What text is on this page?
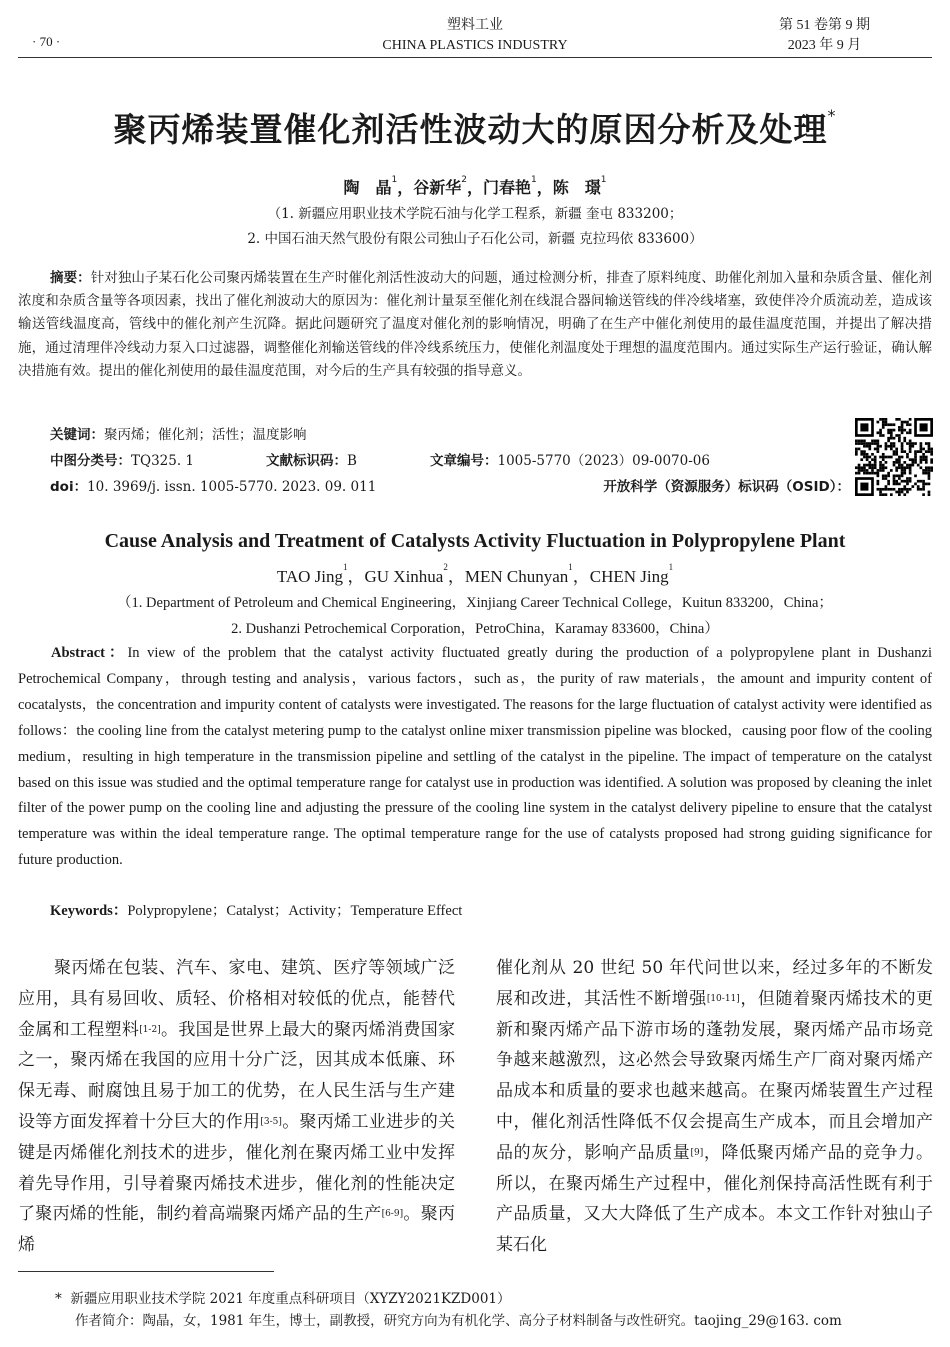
· 70 ·
塑料工业
CHINA PLASTICS INDUSTRY
第 51 卷第 9 期
2023 年 9 月
聚丙烯装置催化剂活性波动大的原因分析及处理*
陶　晶$^1$，谷新华$^2$，门春艳$^1$，陈　璟$^1$
（1. 新疆应用职业技术学院石油与化学工程系，新疆 奎屯 833200；
2. 中国石油天然气股份有限公司独山子石化公司，新疆 克拉玛依 833600）

摘要：针对独山子某石化公司聚丙烯装置在生产时催化剂活性波动大的问题，通过检测分析，排查了原料纯度、助催化剂加入量和杂质含量、催化剂浓度和杂质含量等各项因素，找出了催化剂波动大的原因为：催化剂计量泵至催化剂在线混合器间输送管线的伴冷线堵塞，致使伴冷介质流动差，造成该输送管线温度高，管线中的催化剂产生沉降。据此问题研究了温度对催化剂的影响情况，明确了在生产中催化剂使用的最佳温度范围，并提出了解决措施，通过清理伴冷线动力泵入口过滤器，调整催化剂输送管线的伴冷线系统压力，使催化剂温度处于理想的温度范围内。通过实际生产运行验证，确认解决措施有效。提出的催化剂使用的最佳温度范围，对今后的生产具有较强的指导意义。

关键词：聚丙烯；催化剂；活性；温度影响
中图分类号：TQ325. 1	文献标识码：B	文章编号：1005-5770（2023）09-0070-06
doi：10. 3969/j. issn. 1005-5770. 2023. 09. 011	开放科学（资源服务）标识码（OSID）：
Cause Analysis and Treatment of Catalysts Activity Fluctuation in Polypropylene Plant
TAO Jing$^1$，GU Xinhua$^2$，MEN Chunyan$^1$，CHEN Jing$^1$
（1. Department of Petroleum and Chemical Engineering，Xinjiang Career Technical College，Kuitun 833200，China；
2. Dushanzi Petrochemical Corporation，PetroChina，Karamay 833600，China）

Abstract：In view of the problem that the catalyst activity fluctuated greatly during the production of a polypropylene plant in Dushanzi Petrochemical Company，through testing and analysis，various factors，such as，the purity of raw materials，the amount and impurity content of cocatalysts，the concentration and impurity content of catalysts were investigated. The reasons for the large fluctuation of catalyst activity were identified as follows：the cooling line from the catalyst metering pump to the catalyst online mixer transmission pipeline was blocked，causing poor flow of the cooling medium，resulting in high temperature in the transmission pipeline and settling of the catalyst in the pipeline. The impact of temperature on the catalyst based on this issue was studied and the optimal temperature range for catalyst use in production was identified. A solution was proposed by cleaning the inlet filter of the power pump on the cooling line and adjusting the pressure of the cooling line system in the catalyst delivery pipeline to ensure that the catalyst temperature was within the ideal temperature range. The optimal temperature range for the use of catalysts proposed had strong guiding significance for future production.

Keywords：Polypropylene；Catalyst；Activity；Temperature Effect

聚丙烯在包装、汽车、家电、建筑、医疗等领域广泛应用，具有易回收、质轻、价格相对较低的优点，能替代金属和工程塑料[1-2]。我国是世界上最大的聚丙烯消费国家之一，聚丙烯在我国的应用十分广泛，因其成本低廉、环保无毒、耐腐蚀且易于加工的优势，在人民生活与生产建设等方面发挥着十分巨大的作用[3-5]。聚丙烯工业进步的关键是丙烯催化剂技术的进步，催化剂在聚丙烯工业中发挥着先导作用，引导着聚丙烯技术进步，催化剂的性能决定了聚丙烯的性能，制约着高端聚丙烯产品的生产[6-9]。聚丙烯

催化剂从 20 世纪 50 年代问世以来，经过多年的不断发展和改进，其活性不断增强[10-11]，但随着聚丙烯技术的更新和聚丙烯产品下游市场的蓬勃发展，聚丙烯产品市场竞争越来越激烈，这必然会导致聚丙烯生产厂商对聚丙烯产品成本和质量的要求也越来越高。在聚丙烯装置生产过程中，催化剂活性降低不仅会提高生产成本，而且会增加产品的灰分，影响产品质量[9]，降低聚丙烯产品的竞争力。所以，在聚丙烯生产过程中，催化剂保持高活性既有利于产品质量，又大大降低了生产成本。本文工作针对独山子某石化

* 新疆应用职业技术学院 2021 年度重点科研项目（XYZY2021KZD001）
作者简介：陶晶，女，1981 年生，博士，副教授，研究方向为有机化学、高分子材料制备与改性研究。taojing_29@163. com
